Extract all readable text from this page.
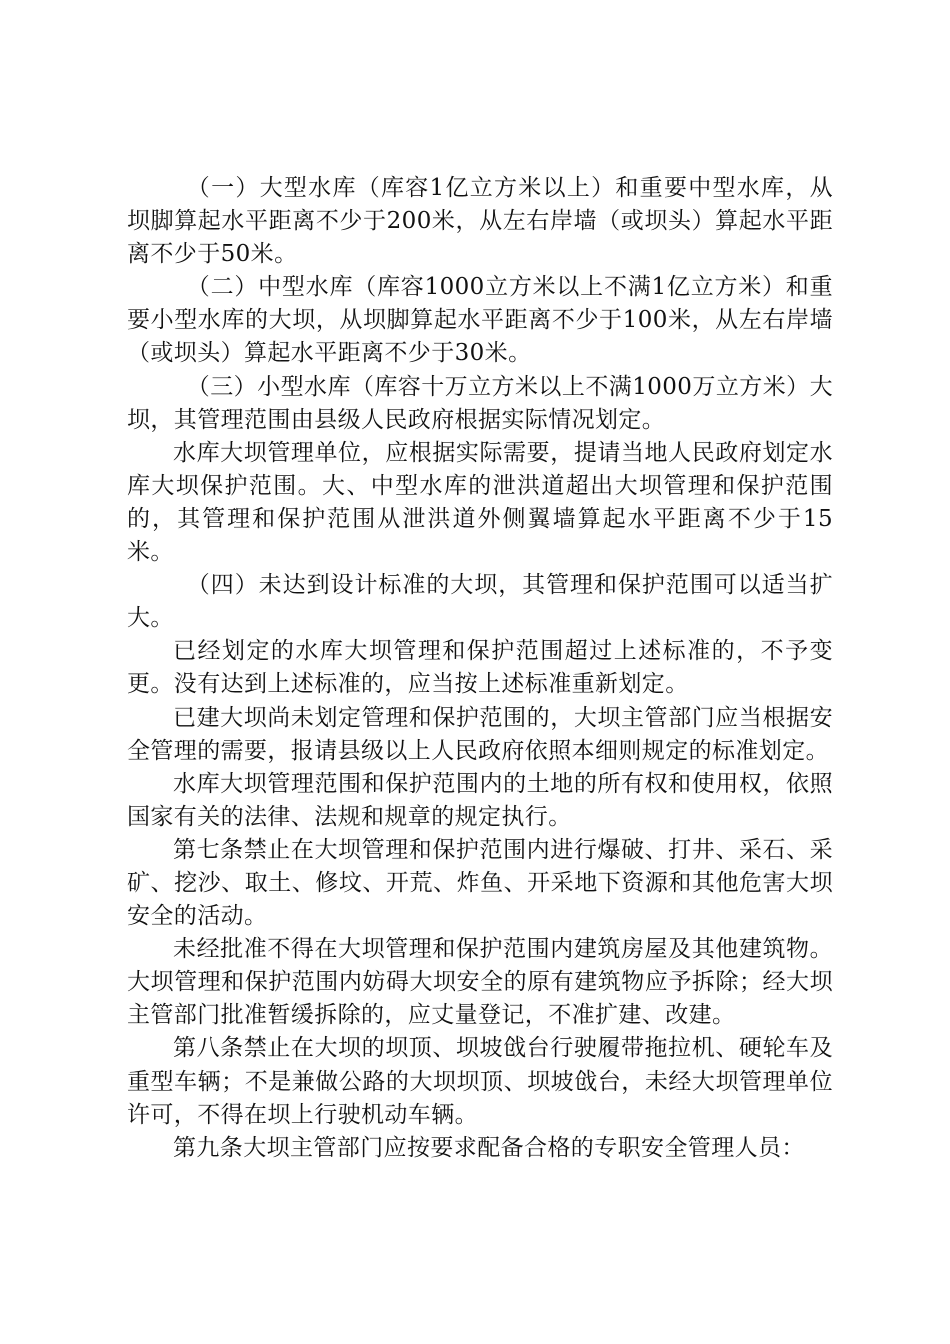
（一）大型水库（库容1亿立方米以上）和重要中型水库，从坝脚算起水平距离不少于200米，从左右岸墙（或坝头）算起水平距离不少于50米。

（二）中型水库（库容1000立方米以上不满1亿立方米）和重要小型水库的大坝，从坝脚算起水平距离不少于100米，从左右岸墙（或坝头）算起水平距离不少于30米。

（三）小型水库（库容十万立方米以上不满1000万立方米）大坝，其管理范围由县级人民政府根据实际情况划定。

水库大坝管理单位，应根据实际需要，提请当地人民政府划定水库大坝保护范围。大、中型水库的泄洪道超出大坝管理和保护范围的，其管理和保护范围从泄洪道外侧翼墙算起水平距离不少于15米。

（四）未达到设计标准的大坝，其管理和保护范围可以适当扩大。

已经划定的水库大坝管理和保护范围超过上述标准的，不予变更。没有达到上述标准的，应当按上述标准重新划定。

已建大坝尚未划定管理和保护范围的，大坝主管部门应当根据安全管理的需要，报请县级以上人民政府依照本细则规定的标准划定。

水库大坝管理范围和保护范围内的土地的所有权和使用权，依照国家有关的法律、法规和规章的规定执行。

第七条禁止在大坝管理和保护范围内进行爆破、打井、采石、采矿、挖沙、取土、修坟、开荒、炸鱼、开采地下资源和其他危害大坝安全的活动。

未经批准不得在大坝管理和保护范围内建筑房屋及其他建筑物。大坝管理和保护范围内妨碍大坝安全的原有建筑物应予拆除；经大坝主管部门批准暂缓拆除的，应丈量登记，不准扩建、改建。

第八条禁止在大坝的坝顶、坝坡戗台行驶履带拖拉机、硬轮车及重型车辆；不是兼做公路的大坝坝顶、坝坡戗台，未经大坝管理单位许可，不得在坝上行驶机动车辆。

第九条大坝主管部门应按要求配备合格的专职安全管理人员：
